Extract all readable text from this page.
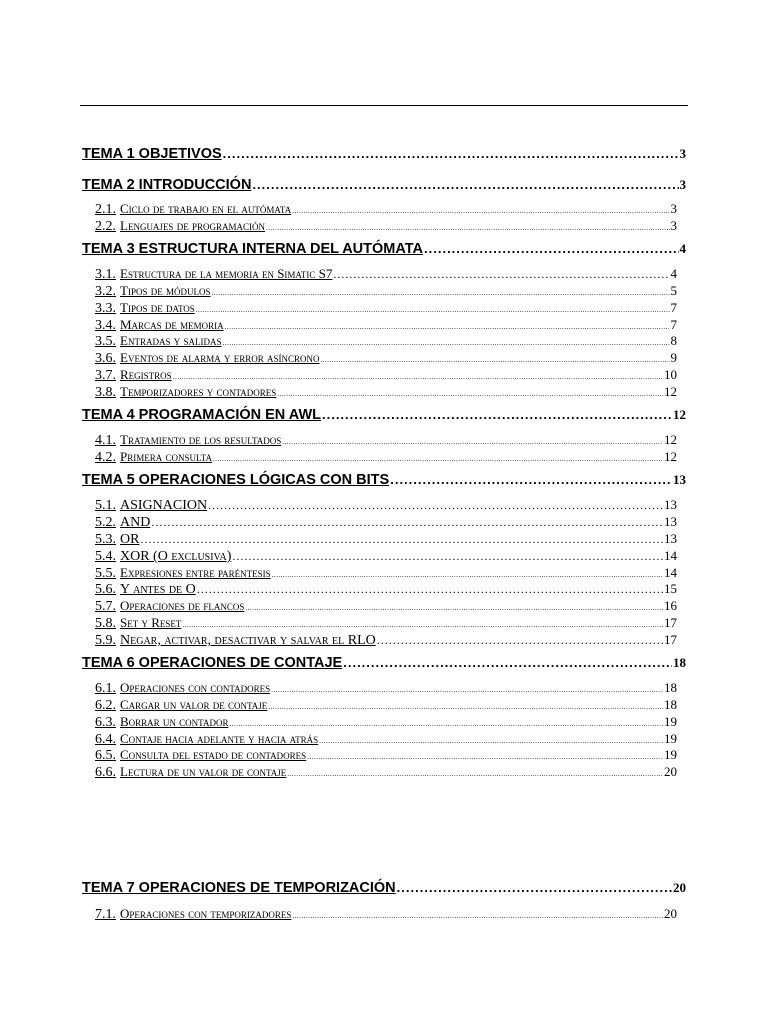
TEMA 1 OBJETIVOS .....	3
TEMA 2 INTRODUCCIÓN .....	3
2.1. Ciclo de trabajo en el autómata .....	3
2.2. Lenguajes de programación .....	3
TEMA 3 ESTRUCTURA INTERNA DEL AUTÓMATA .....	4
3.1. Estructura de la memoria en Simatic S7 .....	4
3.2. Tipos de módulos .....	5
3.3. Tipos de datos .....	7
3.4. Marcas de memoria .....	7
3.5. Entradas y salidas .....	8
3.6. Eventos de alarma y error asíncrono .....	9
3.7. Registros .....	10
3.8. Temporizadores y contadores .....	12
TEMA 4 PROGRAMACIÓN EN AWL .....	12
4.1. Tratamiento de los resultados .....	12
4.2. Primera consulta .....	12
TEMA 5 OPERACIONES LÓGICAS CON BITS .....	13
5.1. ASIGNACION .....	13
5.2. AND .....	13
5.3. OR .....	13
5.4. XOR (O exclusiva) .....	14
5.5. Expresiones entre paréntesis .....	14
5.6. Y antes de O .....	15
5.7. Operaciones de flancos .....	16
5.8. Set y Reset .....	17
5.9. Negar, activar, desactivar y salvar el RLO .....	17
TEMA 6 OPERACIONES DE CONTAJE .....	18
6.1. Operaciones con contadores .....	18
6.2. Cargar un valor de contaje .....	18
6.3. Borrar un contador .....	19
6.4. Contaje hacia adelante y hacia atrás .....	19
6.5. Consulta del estado de contadores .....	19
6.6. Lectura de un valor de contaje .....	20
TEMA 7 OPERACIONES DE TEMPORIZACIÓN .....	20
7.1. Operaciones con temporizadores .....	20
